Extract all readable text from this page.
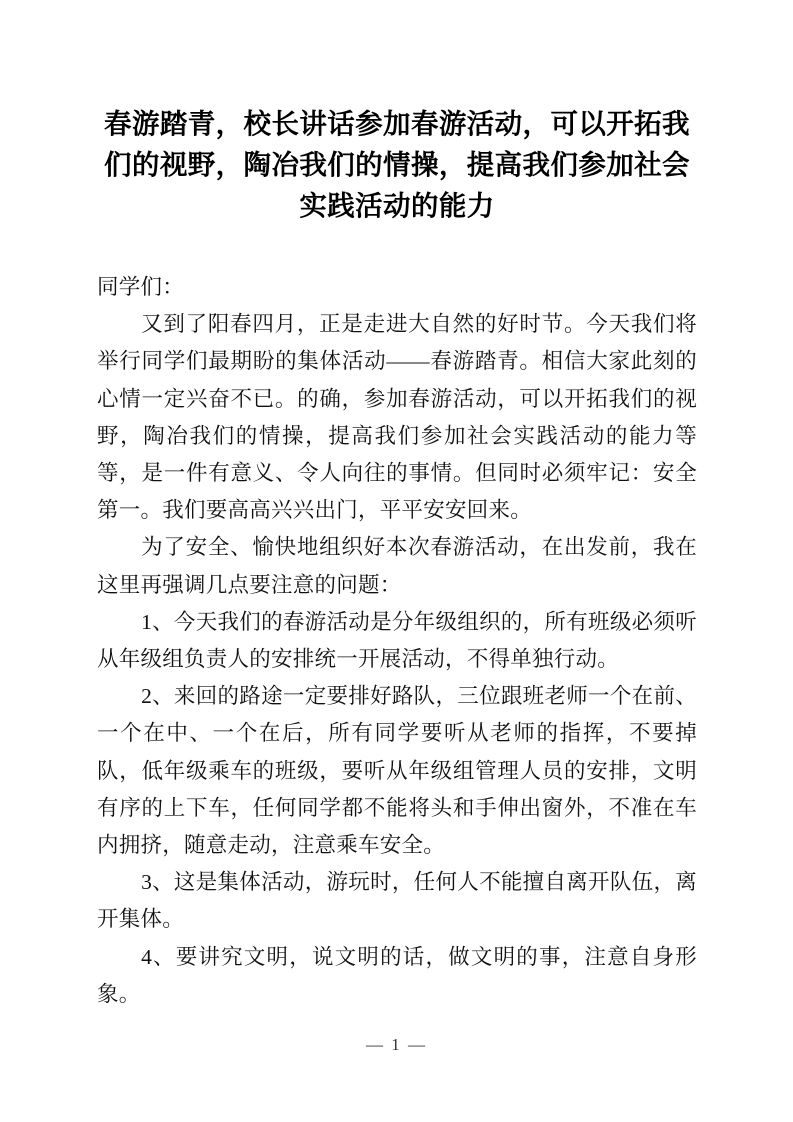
春游踏青，校长讲话参加春游活动，可以开拓我们的视野，陶冶我们的情操，提高我们参加社会实践活动的能力

同学们：

又到了阳春四月，正是走进大自然的好时节。今天我们将举行同学们最期盼的集体活动——春游踏青。相信大家此刻的心情一定兴奋不已。的确，参加春游活动，可以开拓我们的视野，陶冶我们的情操，提高我们参加社会实践活动的能力等等，是一件有意义、令人向往的事情。但同时必须牢记：安全第一。我们要高高兴兴出门，平平安安回来。

为了安全、愉快地组织好本次春游活动，在出发前，我在这里再强调几点要注意的问题：

1、今天我们的春游活动是分年级组织的，所有班级必须听从年级组负责人的安排统一开展活动，不得单独行动。

2、来回的路途一定要排好路队，三位跟班老师一个在前、一个在中、一个在后，所有同学要听从老师的指挥，不要掉队，低年级乘车的班级，要听从年级组管理人员的安排，文明有序的上下车，任何同学都不能将头和手伸出窗外，不准在车内拥挤，随意走动，注意乘车安全。

3、这是集体活动，游玩时，任何人不能擅自离开队伍，离开集体。

4、要讲究文明，说文明的话，做文明的事，注意自身形象。

— 1 —
